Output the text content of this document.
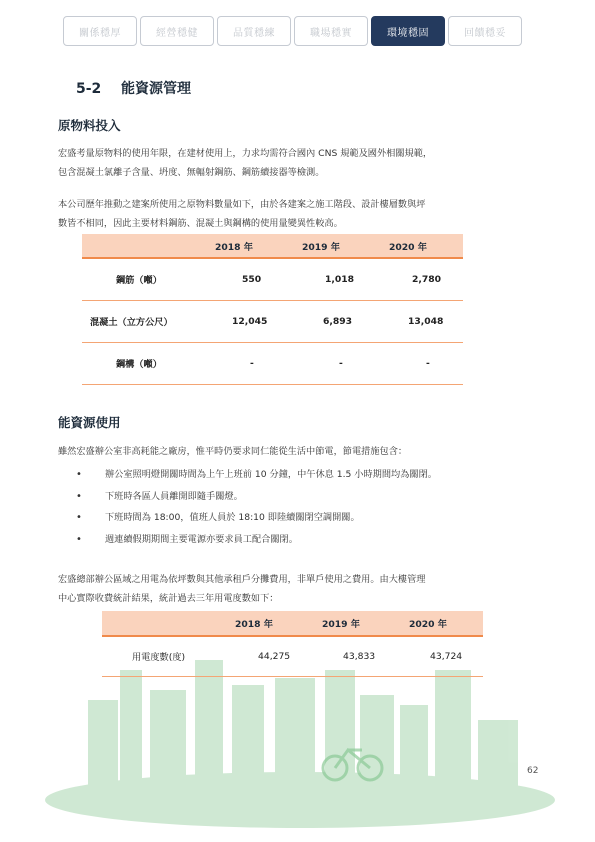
關係穩厚	經營穩健	品質穩練	職場穩實	環境穩固	回饋穩妥
5-2 能資源管理
原物料投入
宏盛考量原物料的使用年限，在建材使用上，力求均需符合國內 CNS 規範及國外相關規範，
包含混凝土氯離子含量、坍度、無輻射鋼筋、鋼筋續接器等檢測。
本公司歷年推動之建案所使用之原物料數量如下，由於各建案之施工階段、設計樓層數與坪
數皆不相同，因此主要材料鋼筋、混凝土與鋼構的使用量變異性較高。
	2018 年	2019 年	2020 年
鋼筋（噸）	550	1,018	2,780
混凝土（立方公尺）	12,045	6,893	13,048
鋼構（噸）	-	-	-
能資源使用
雖然宏盛辦公室非高耗能之廠房，惟平時仍要求同仁能從生活中節電，節電措施包含：
•	辦公室照明燈開關時間為上午上班前 10 分鐘，中午休息 1.5 小時期間均為關閉。
•	下班時各區人員離開即隨手關燈。
•	下班時間為 18:00，值班人員於 18:10 即陸續關閉空調開關。
•	週連續假期期間主要電源亦要求員工配合關閉。
宏盛總部辦公區域之用電為依坪數與其他承租戶分攤費用，非單戶使用之費用。由大樓管理
中心實際收費統計結果，統計過去三年用電度數如下：
	2018 年	2019 年	2020 年
用電度數(度)	44,275	43,833	43,724
62
